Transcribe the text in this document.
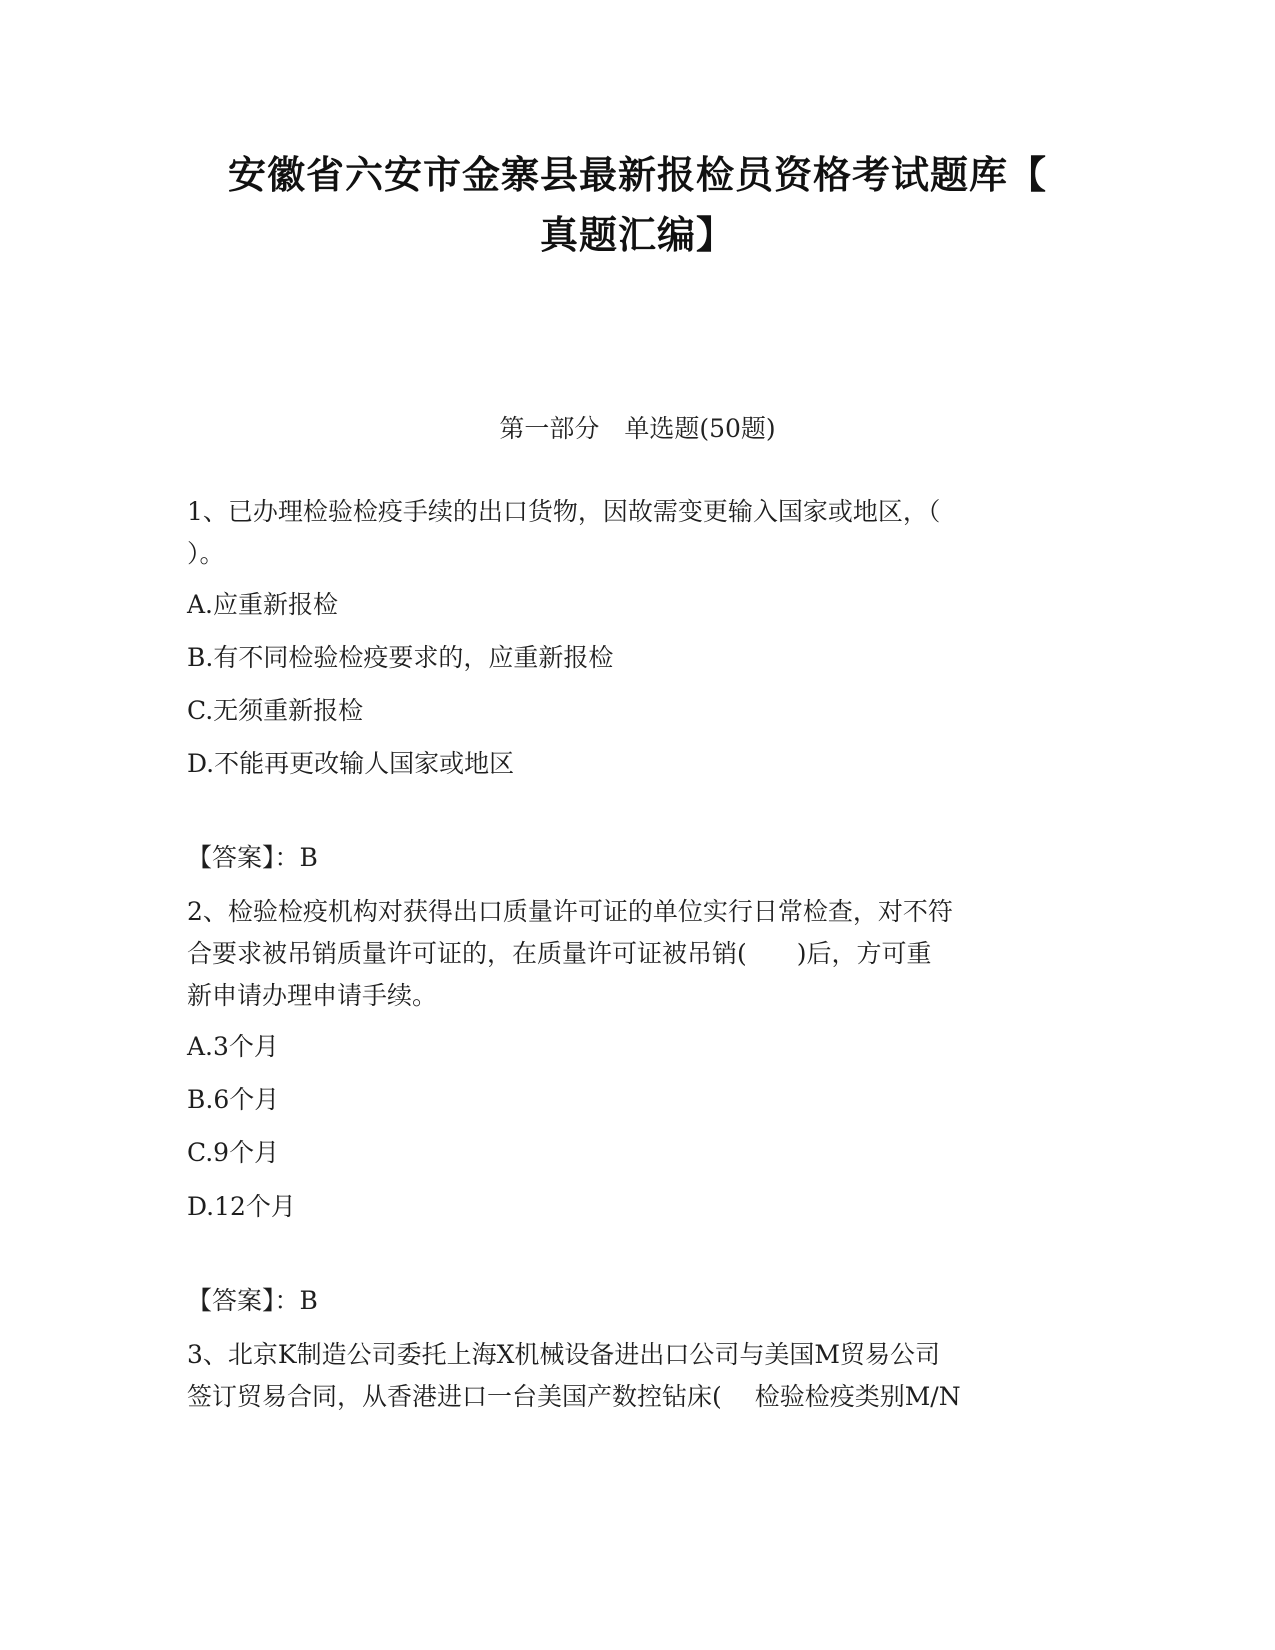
安徽省六安市金寨县最新报检员资格考试题库【
真题汇编】
第一部分　单选题(50题)
1、已办理检验检疫手续的出口货物，因故需变更输入国家或地区，（
）。
A.应重新报检
B.有不同检验检疫要求的，应重新报检
C.无须重新报检
D.不能再更改输人国家或地区
【答案】：B
2、检验检疫机构对获得出口质量许可证的单位实行日常检查，对不符
合要求被吊销质量许可证的，在质量许可证被吊销(　　)后，方可重
新申请办理申请手续。
A.3个月
B.6个月
C.9个月
D.12个月
【答案】：B
3、北京K制造公司委托上海X机械设备进出口公司与美国M贸易公司
签订贸易合同，从香港进口一台美国产数控钻床(　 检验检疫类别M/N
